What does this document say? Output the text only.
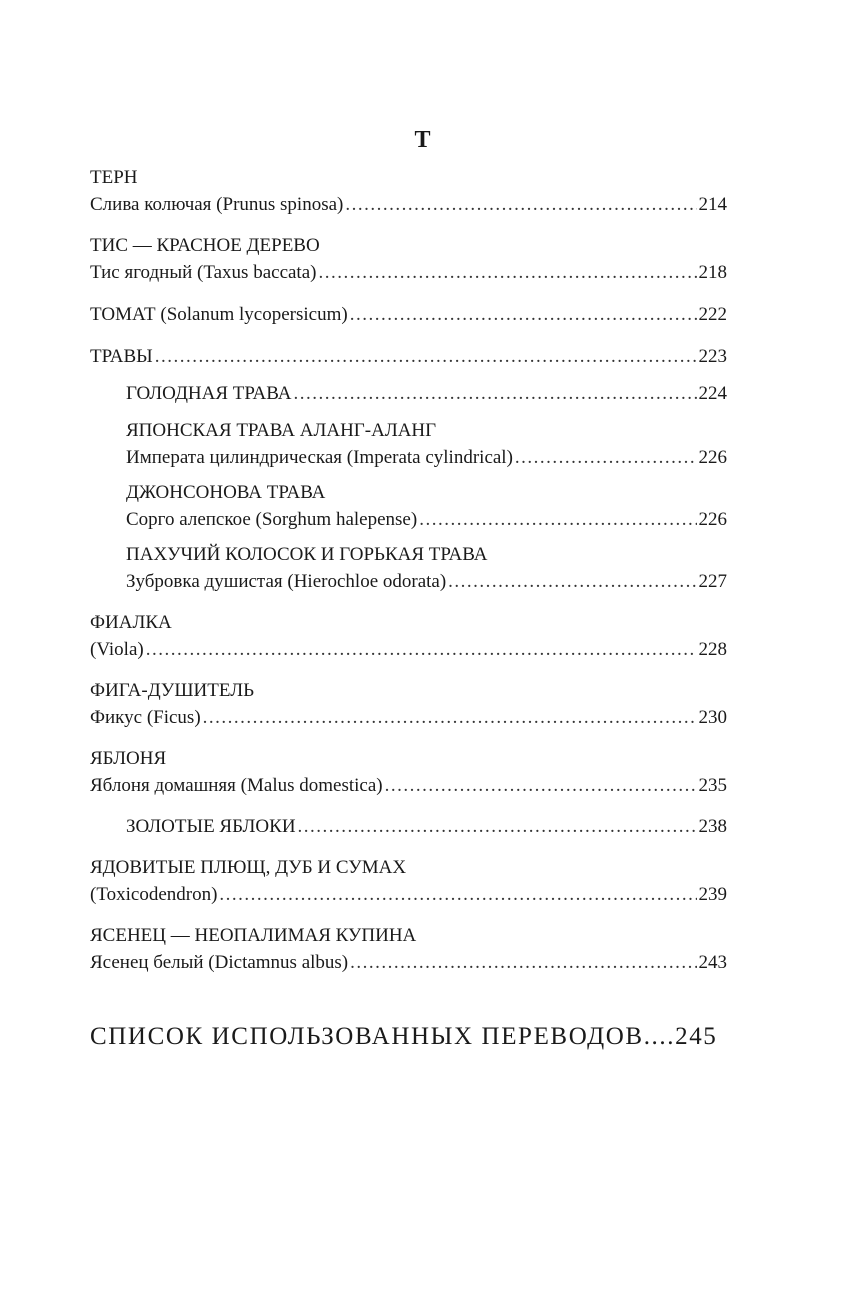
Т
ТЕРН
Слива колючая (Prunus spinosa) .....	214
ТИС — КРАСНОЕ ДЕРЕВО
Тис ягодный (Taxus baccata) .....	218
ТОМАТ (Solanum lycopersicum) .....	222
ТРАВЫ .....	223
ГОЛОДНАЯ ТРАВА .....	224
ЯПОНСКАЯ ТРАВА АЛАНГ-АЛАНГ
Императа цилиндрическая (Imperata cylindrical) .....	226
ДЖОНСОНОВА ТРАВА
Сорго алепское (Sorghum halepense) .....	226
ПАХУЧИЙ КОЛОСОК И ГОРЬКАЯ ТРАВА
Зубровка душистая (Hierochloe odorata) .....	227
ФИАЛКА
(Viola) .....	228
ФИГА-ДУШИТЕЛЬ
Фикус (Ficus) .....	230
ЯБЛОНЯ
Яблоня домашняя (Malus domestica) .....	235
ЗОЛОТЫЕ ЯБЛОКИ .....	238
ЯДОВИТЫЕ ПЛЮЩ, ДУБ И СУМАХ
(Toxicodendron) .....	239
ЯСЕНЕЦ — НЕОПАЛИМАЯ КУПИНА
Ясенец белый (Dictamnus albus) .....	243
СПИСОК ИСПОЛЬЗОВАННЫХ ПЕРЕВОДОВ....245
